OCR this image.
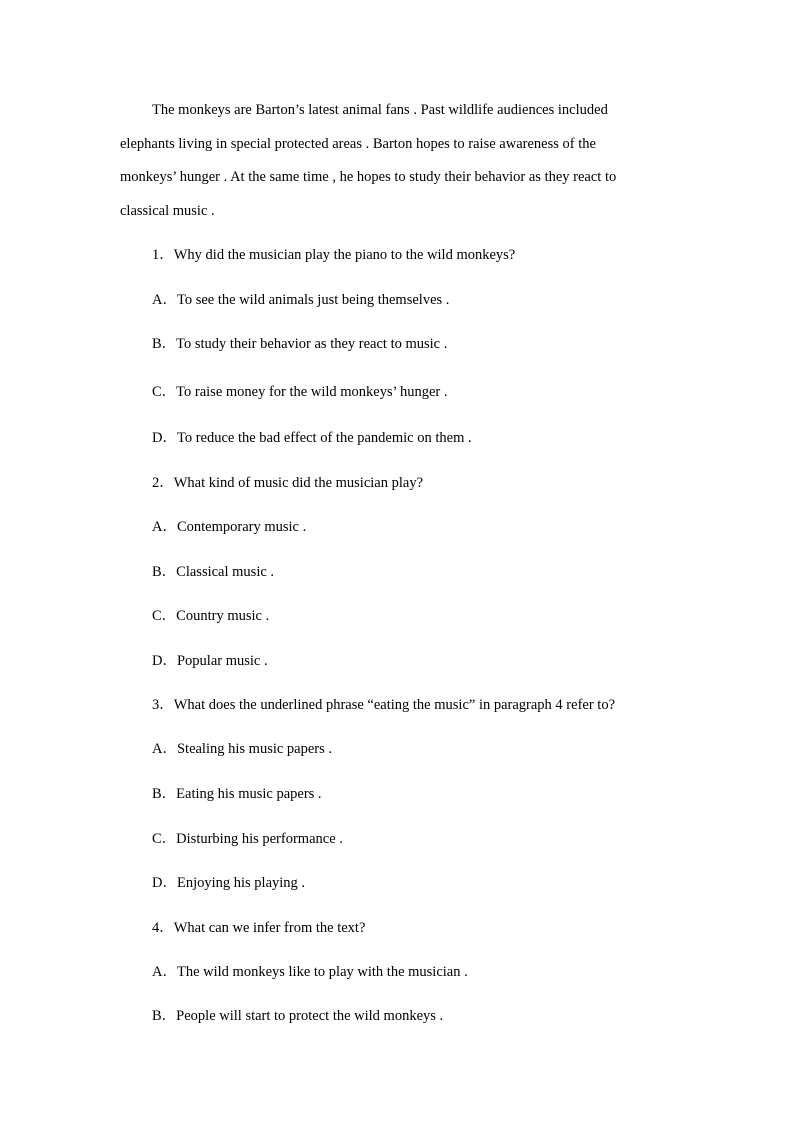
The monkeys are Barton’s latest animal fans . Past wildlife audiences included
elephants living in special protected areas . Barton hopes to raise awareness of the
monkeys’ hunger . At the same time , he hopes to study their behavior as they react to
classical music .
1．Why did the musician play the piano to the wild monkeys?
A．To see the wild animals just being themselves .
B．To study their behavior as they react to music .
C．To raise money for the wild monkeys’ hunger .
D．To reduce the bad effect of the pandemic on them .
2．What kind of music did the musician play?
A．Contemporary music .
B．Classical music .
C．Country music .
D．Popular music .
3．What does the underlined phrase “eating the music” in paragraph 4 refer to?
A．Stealing his music papers .
B．Eating his music papers .
C．Disturbing his performance .
D．Enjoying his playing .
4．What can we infer from the text?
A．The wild monkeys like to play with the musician .
B．People will start to protect the wild monkeys .
